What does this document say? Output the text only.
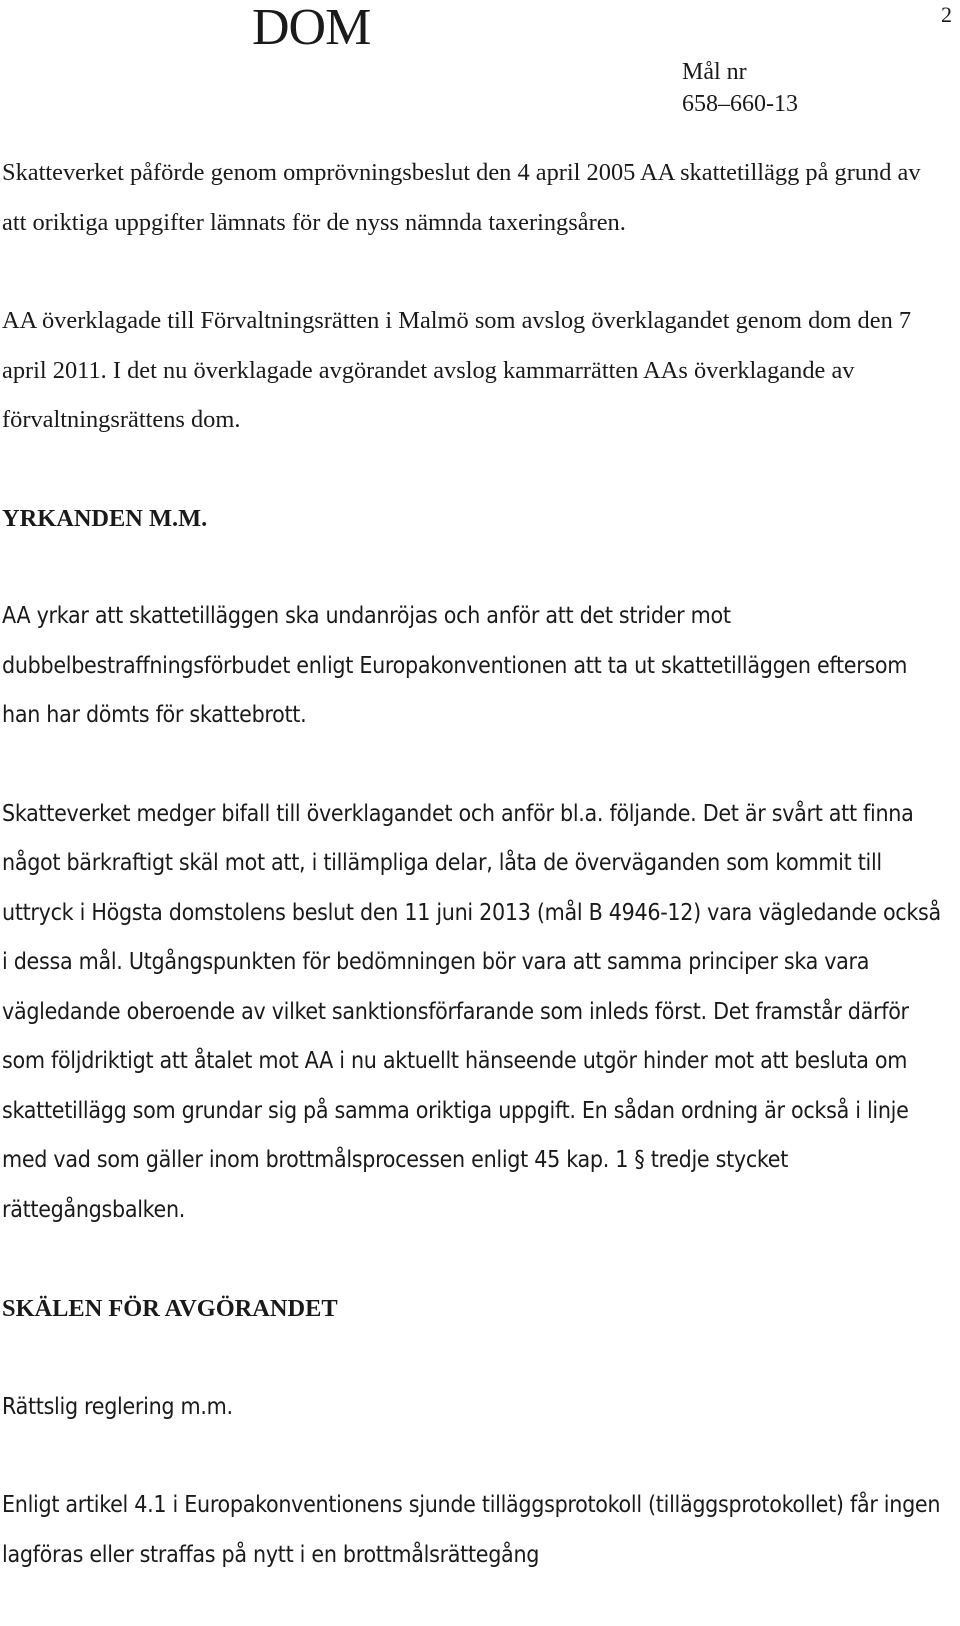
DOM	2
Mål nr
658–660-13

Skatteverket påförde genom omprövningsbeslut den 4 april 2005 AA skattetillägg på grund av att oriktiga uppgifter lämnats för de nyss nämnda taxeringsåren.

AA överklagade till Förvaltningsrätten i Malmö som avslog överklagandet genom dom den 7 april 2011. I det nu överklagade avgörandet avslog kammarrätten AAs överklagande av förvaltningsrättens dom.

YRKANDEN M.M.

AA yrkar att skattetilläggen ska undanröjas och anför att det strider mot dubbelbestraffningsförbudet enligt Europakonventionen att ta ut skattetilläggen eftersom han har dömts för skattebrott.

Skatteverket medger bifall till överklagandet och anför bl.a. följande. Det är svårt att finna något bärkraftigt skäl mot att, i tillämpliga delar, låta de överväganden som kommit till uttryck i Högsta domstolens beslut den 11 juni 2013 (mål B 4946-12) vara vägledande också i dessa mål. Utgångspunkten för bedömningen bör vara att samma principer ska vara vägledande oberoende av vilket sanktionsförfarande som inleds först. Det framstår därför som följdriktigt att åtalet mot AA i nu aktuellt hänseende utgör hinder mot att besluta om skattetillägg som grundar sig på samma oriktiga uppgift. En sådan ordning är också i linje med vad som gäller inom brottmålsprocessen enligt 45 kap. 1 § tredje stycket rättegångsbalken.

SKÄLEN FÖR AVGÖRANDET

Rättslig reglering m.m.

Enligt artikel 4.1 i Europakonventionens sjunde tilläggsprotokoll (tilläggsprotokollet) får ingen lagföras eller straffas på nytt i en brottmålsrättegång
